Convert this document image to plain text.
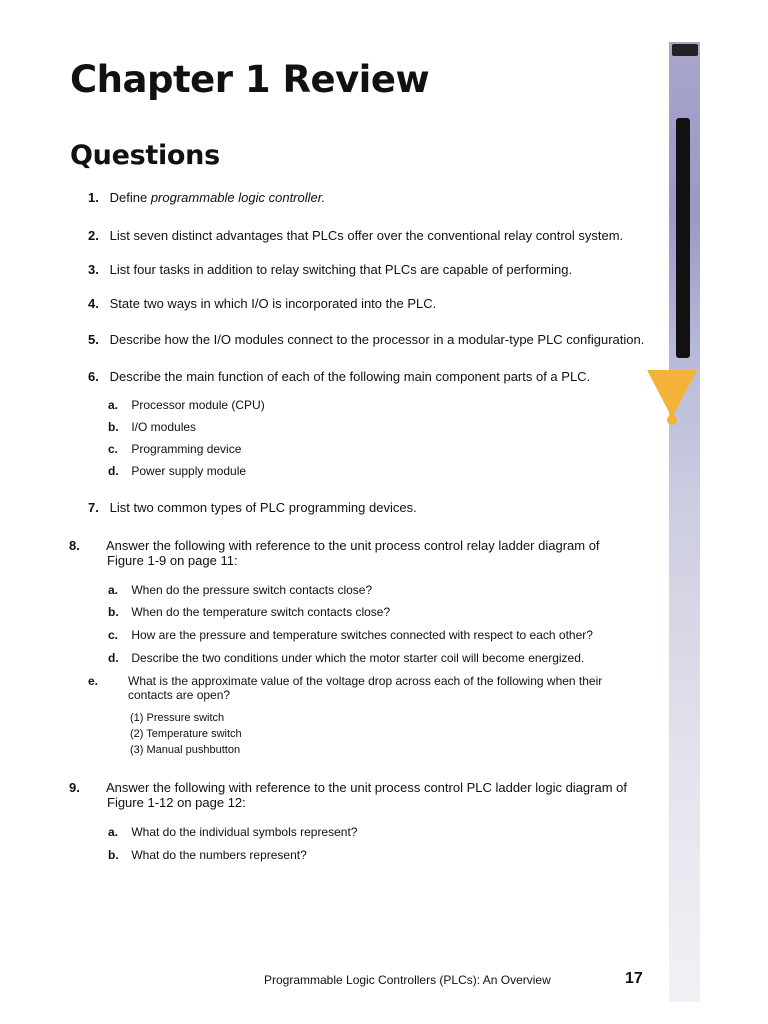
Chapter 1 Review
Questions
1. Define programmable logic controller.
2. List seven distinct advantages that PLCs offer over the conventional relay control system.
3. List four tasks in addition to relay switching that PLCs are capable of performing.
4. State two ways in which I/O is incorporated into the PLC.
5. Describe how the I/O modules connect to the processor in a modular-type PLC configuration.
6. Describe the main function of each of the following main component parts of a PLC.
a. Processor module (CPU)
b. I/O modules
c. Programming device
d. Power supply module
7. List two common types of PLC programming devices.
8. Answer the following with reference to the unit process control relay ladder diagram of Figure 1-9 on page 11:
a. When do the pressure switch contacts close?
b. When do the temperature switch contacts close?
c. How are the pressure and temperature switches connected with respect to each other?
d. Describe the two conditions under which the motor starter coil will become energized.
e. What is the approximate value of the voltage drop across each of the following when their contacts are open?
(1) Pressure switch
(2) Temperature switch
(3) Manual pushbutton
9. Answer the following with reference to the unit process control PLC ladder logic diagram of Figure 1-12 on page 12:
a. What do the individual symbols represent?
b. What do the numbers represent?
Programmable Logic Controllers (PLCs): An Overview	17
